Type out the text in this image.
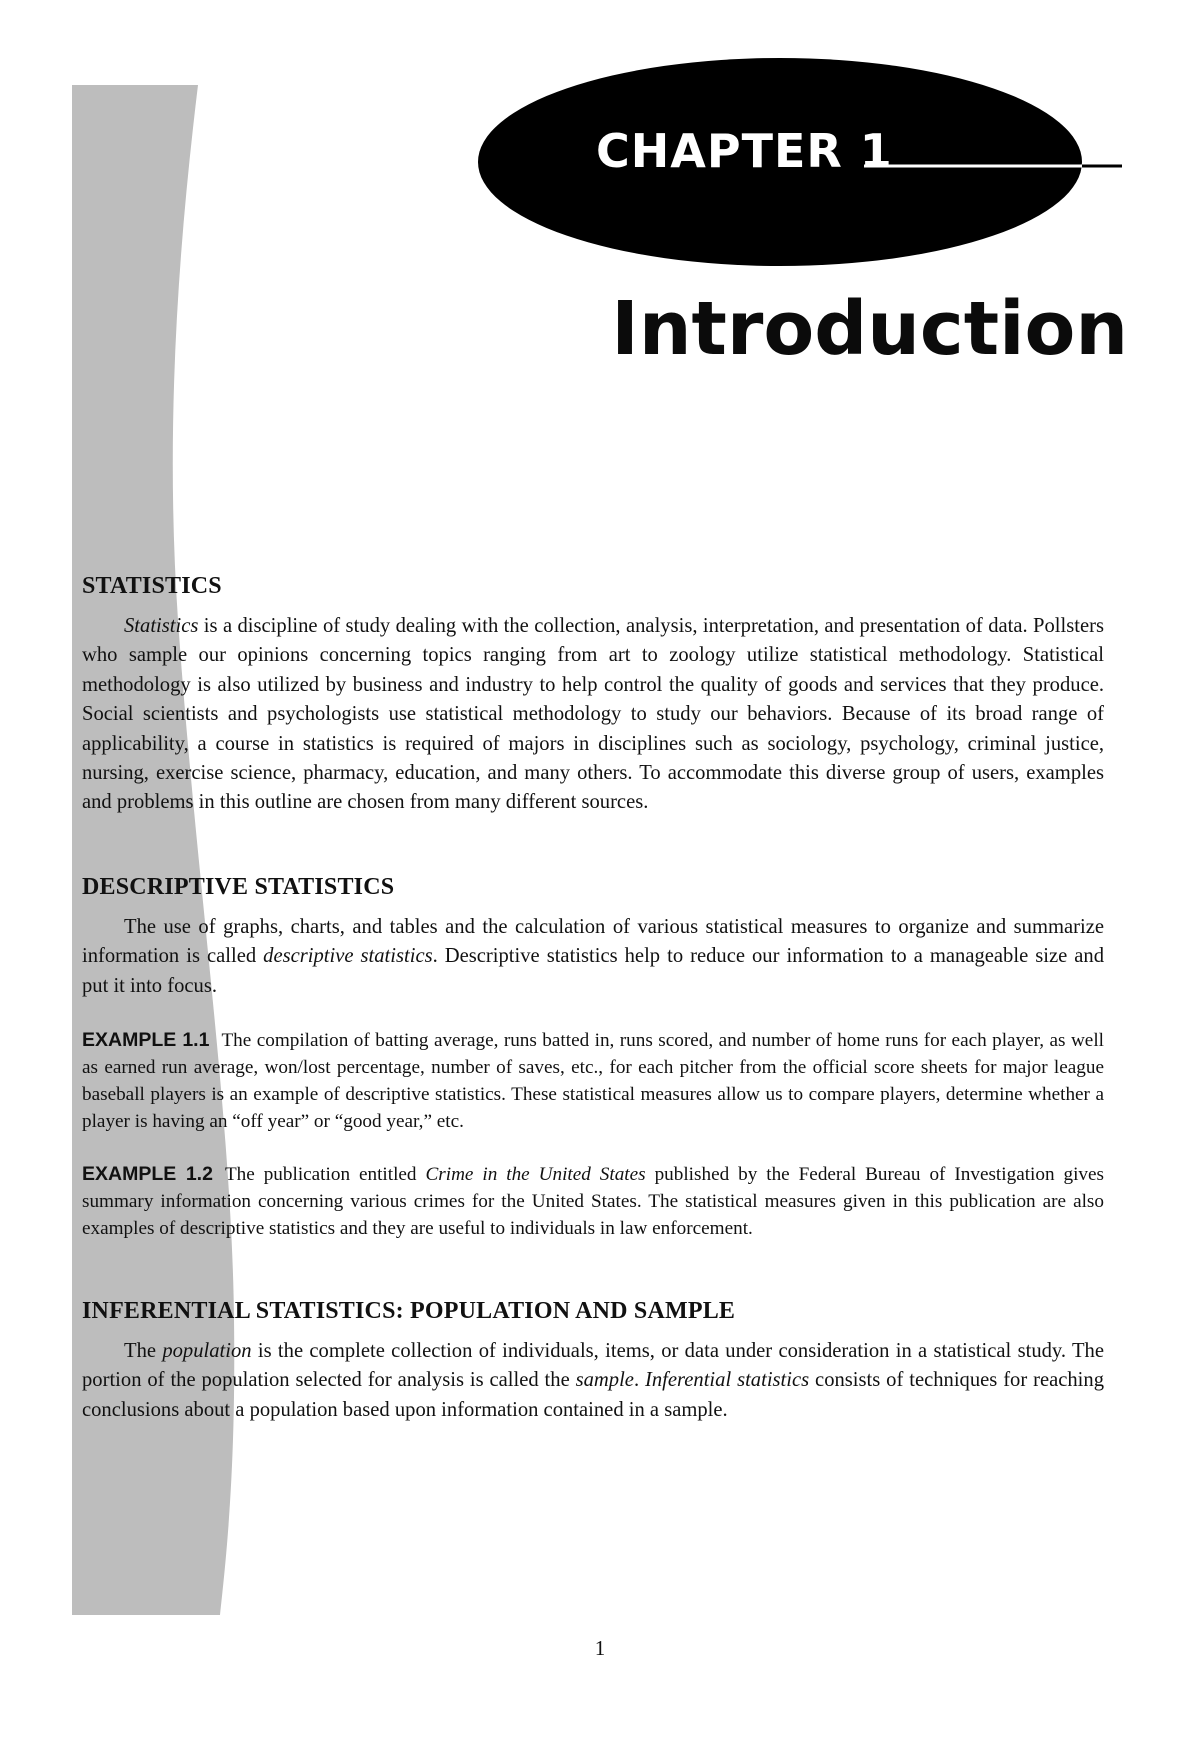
CHAPTER 1
Introduction
STATISTICS

Statistics is a discipline of study dealing with the collection, analysis, interpretation, and presentation of data. Pollsters who sample our opinions concerning topics ranging from art to zoology utilize statistical methodology. Statistical methodology is also utilized by business and industry to help control the quality of goods and services that they produce. Social scientists and psychologists use statistical methodology to study our behaviors. Because of its broad range of applicability, a course in statistics is required of majors in disciplines such as sociology, psychology, criminal justice, nursing, exercise science, pharmacy, education, and many others. To accommodate this diverse group of users, examples and problems in this outline are chosen from many different sources.

DESCRIPTIVE STATISTICS

The use of graphs, charts, and tables and the calculation of various statistical measures to organize and summarize information is called descriptive statistics. Descriptive statistics help to reduce our information to a manageable size and put it into focus.

EXAMPLE 1.1 The compilation of batting average, runs batted in, runs scored, and number of home runs for each player, as well as earned run average, won/lost percentage, number of saves, etc., for each pitcher from the official score sheets for major league baseball players is an example of descriptive statistics. These statistical measures allow us to compare players, determine whether a player is having an “off year” or “good year,” etc.

EXAMPLE 1.2 The publication entitled Crime in the United States published by the Federal Bureau of Investigation gives summary information concerning various crimes for the United States. The statistical measures given in this publication are also examples of descriptive statistics and they are useful to individuals in law enforcement.

INFERENTIAL STATISTICS: POPULATION AND SAMPLE

The population is the complete collection of individuals, items, or data under consideration in a statistical study. The portion of the population selected for analysis is called the sample. Inferential statistics consists of techniques for reaching conclusions about a population based upon information contained in a sample.

1
